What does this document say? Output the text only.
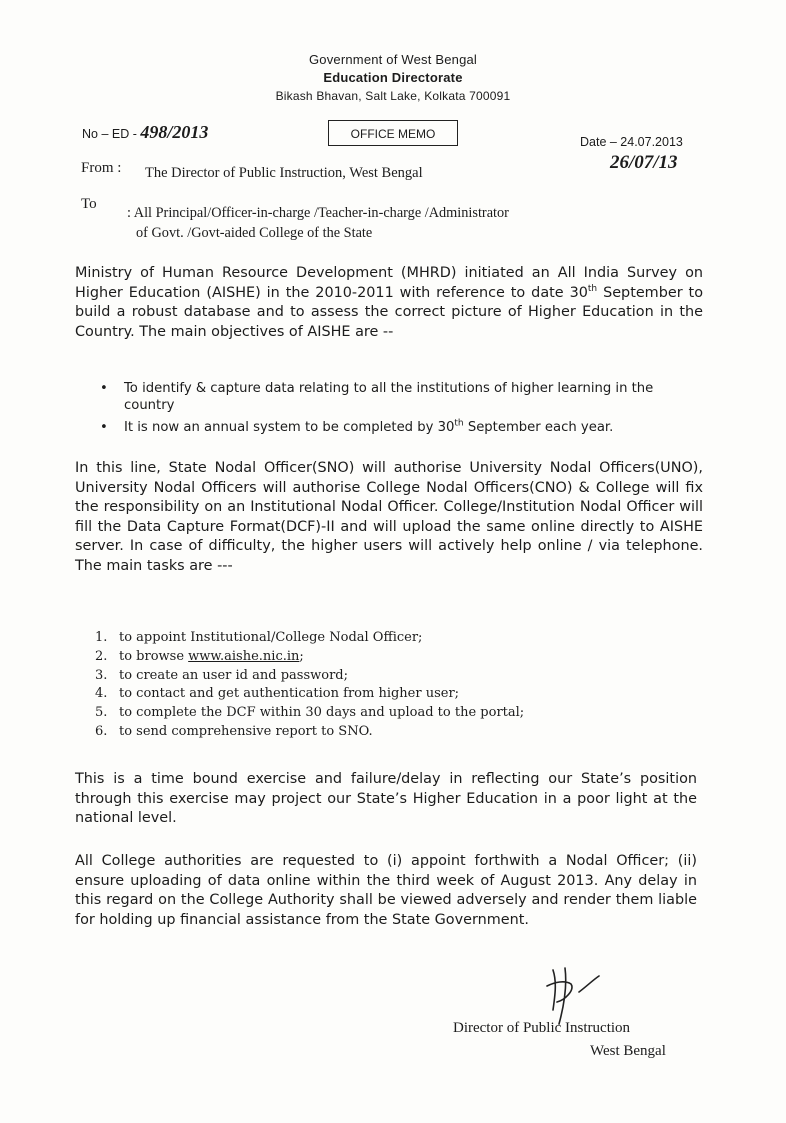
Government of West Bengal
Education Directorate
Bikash Bhavan, Salt Lake, Kolkata 700091
No – ED - 498/2013	OFFICE MEMO
Date – 24.07.2013
26/07/13
From : The Director of Public Instruction, West Bengal
To
: All Principal/Officer-in-charge /Teacher-in-charge /Administrator
of Govt. /Govt-aided College of the State

Ministry of Human Resource Development (MHRD) initiated an All India Survey on Higher Education (AISHE) in the 2010-2011 with reference to date 30th September to build a robust database and to assess the correct picture of Higher Education in the Country. The main objectives of AISHE are --

• To identify & capture data relating to all the institutions of higher learning in the country
• It is now an annual system to be completed by 30th September each year.

In this line, State Nodal Officer(SNO) will authorise University Nodal Officers(UNO), University Nodal Officers will authorise College Nodal Officers(CNO) & College will fix the responsibility on an Institutional Nodal Officer. College/Institution Nodal Officer will fill the Data Capture Format(DCF)-II and will upload the same online directly to AISHE server. In case of difficulty, the higher users will actively help online / via telephone. The main tasks are ---

1. to appoint Institutional/College Nodal Officer;
2. to browse www.aishe.nic.in;
3. to create an user id and password;
4. to contact and get authentication from higher user;
5. to complete the DCF within 30 days and upload to the portal;
6. to send comprehensive report to SNO.

This is a time bound exercise and failure/delay in reflecting our State’s position through this exercise may project our State’s Higher Education in a poor light at the national level.

All College authorities are requested to (i) appoint forthwith a Nodal Officer; (ii) ensure uploading of data online within the third week of August 2013. Any delay in this regard on the College Authority shall be viewed adversely and render them liable for holding up financial assistance from the State Government.

Director of Public Instruction
West Bengal
